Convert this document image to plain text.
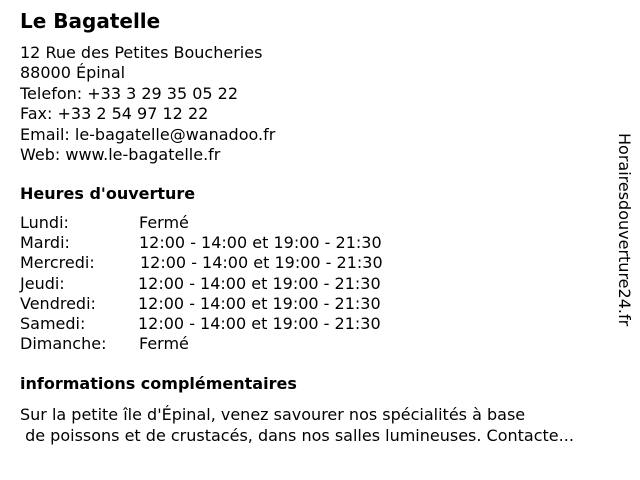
Le Bagatelle
12 Rue des Petites Boucheries
88000 Épinal
Telefon: +33 3 29 35 05 22
Fax: +33 2 54 97 12 22
Email: le-bagatelle@wanadoo.fr
Web: www.le-bagatelle.fr
Heures d'ouverture
Lundi:	Fermé
Mardi:	12:00 - 14:00 et 19:00 - 21:30
Mercredi:	12:00 - 14:00 et 19:00 - 21:30
Jeudi:	12:00 - 14:00 et 19:00 - 21:30
Vendredi:	12:00 - 14:00 et 19:00 - 21:30
Samedi:	12:00 - 14:00 et 19:00 - 21:30
Dimanche: Fermé
informations complémentaires
Sur la petite île d'Épinal, venez savourer nos spécialités à base
de poissons et de crustacés, dans nos salles lumineuses. Contacte...
Horairesdouverture24.fr
